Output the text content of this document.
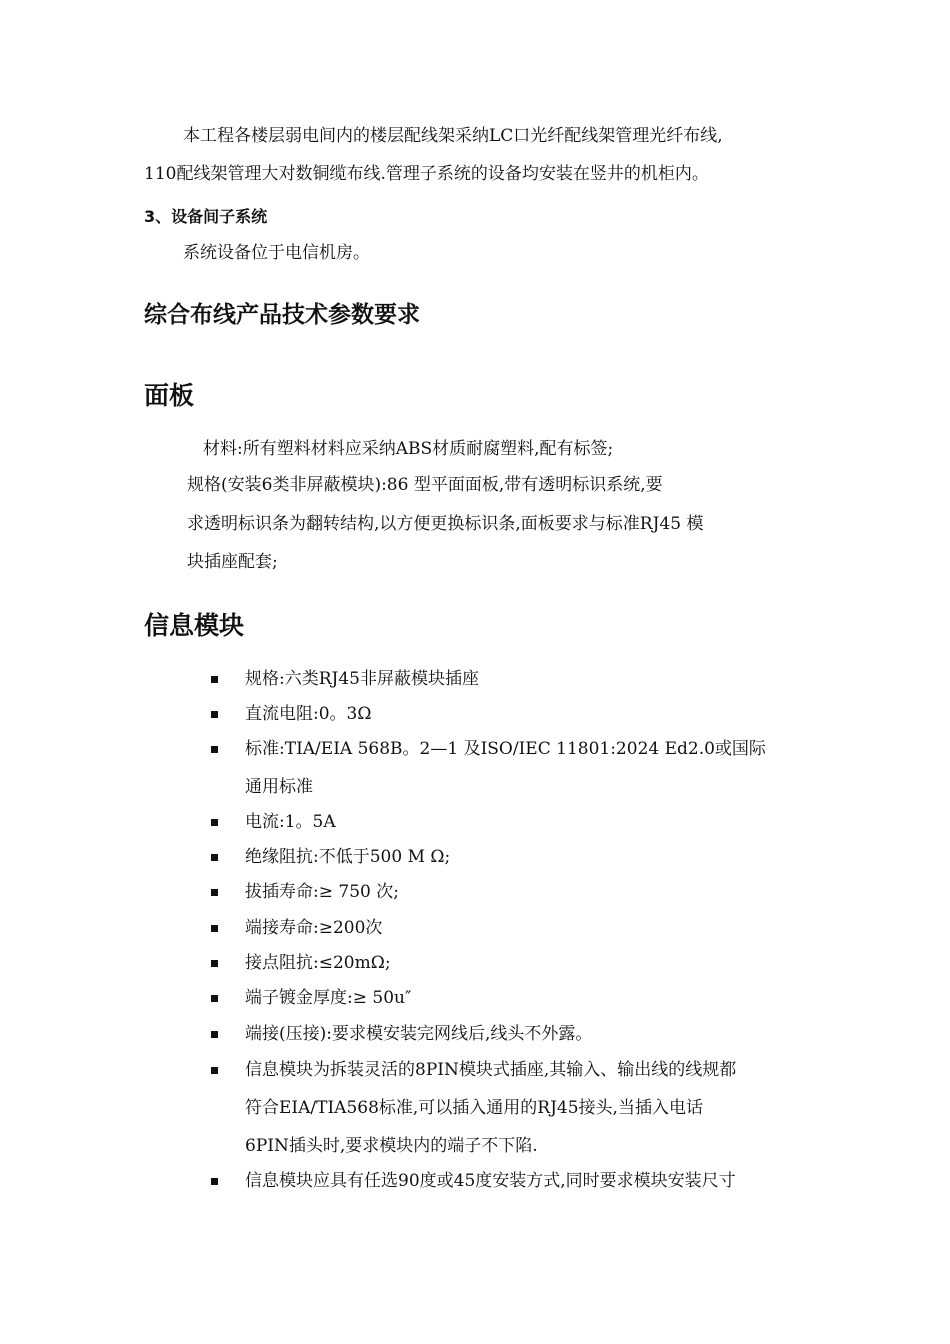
本工程各楼层弱电间内的楼层配线架采纳LC口光纤配线架管理光纤布线,
110配线架管理大对数铜缆布线.管理子系统的设备均安装在竖井的机柜内。
3、设备间子系统
系统设备位于电信机房。
综合布线产品技术参数要求
面板
材料:所有塑料材料应采纳ABS材质耐腐塑料,配有标签;
规格(安装6类非屏蔽模块):86 型平面面板,带有透明标识系统,要
求透明标识条为翻转结构,以方便更换标识条,面板要求与标准RJ45 模
块插座配套;
信息模块
规格:六类RJ45非屏蔽模块插座
直流电阻:0。3Ω
标准:TIA/EIA 568B。2—1 及ISO/IEC 11801:2024 Ed2.0或国际
通用标准
电流:1。5A
绝缘阻抗:不低于500 M Ω;
拔插寿命:≥ 750 次;
端接寿命:≥200次
接点阻抗:≤20mΩ;
端子镀金厚度:≥ 50u″
端接(压接):要求模安装完网线后,线头不外露。
信息模块为拆装灵活的8PIN模块式插座,其输入、输出线的线规都
符合EIA/TIA568标准,可以插入通用的RJ45接头,当插入电话
6PIN插头时,要求模块内的端子不下陷.
信息模块应具有任选90度或45度安装方式,同时要求模块安装尺寸
